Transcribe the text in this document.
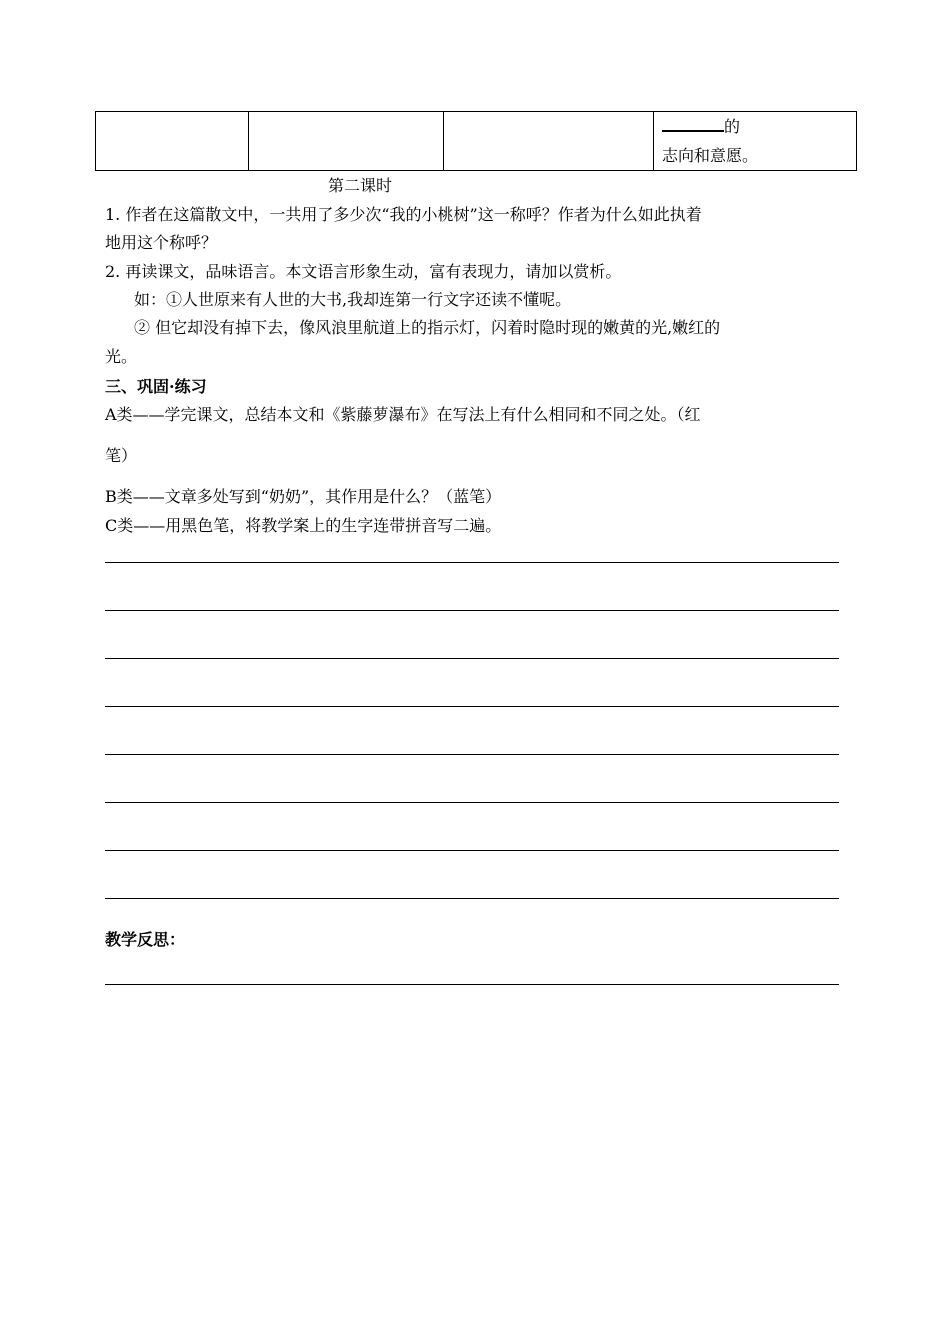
			的
志向和意愿。
第二课时
1. 作者在这篇散文中，一共用了多少次“我的小桃树”这一称呼？作者为什么如此执着
地用这个称呼？
2. 再读课文，品味语言。本文语言形象生动，富有表现力，请加以赏析。
如：①人世原来有人世的大书,我却连第一行文字还读不懂呢。
② 但它却没有掉下去，像风浪里航道上的指示灯，闪着时隐时现的嫩黄的光,嫩红的
光。
三、巩固·练习
A类——学完课文，总结本文和《紫藤萝瀑布》在写法上有什么相同和不同之处。（红
笔）
B类——文章多处写到“奶奶”，其作用是什么？（蓝笔）
C类——用黑色笔，将教学案上的生字连带拼音写二遍。
教学反思：
